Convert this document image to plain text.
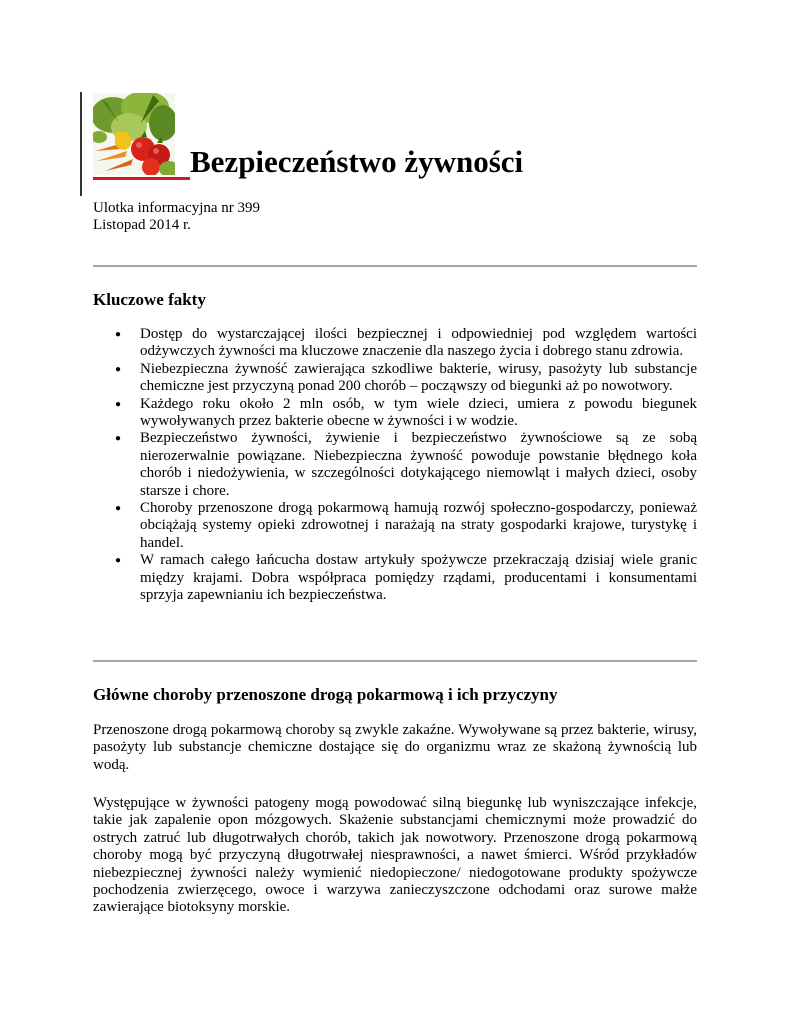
Bezpieczeństwo żywności
Ulotka informacyjna nr 399
Listopad 2014 r.
Kluczowe fakty
● Dostęp do wystarczającej ilości bezpiecznej i odpowiedniej pod względem wartości odżywczych żywności ma kluczowe znaczenie dla naszego życia i dobrego stanu zdrowia.
● Niebezpieczna żywność zawierająca szkodliwe bakterie, wirusy, pasożyty lub substancje chemiczne jest przyczyną ponad 200 chorób – począwszy od biegunki aż po nowotwory.
● Każdego roku około 2 mln osób, w tym wiele dzieci, umiera z powodu biegunek wywoływanych przez bakterie obecne w żywności i w wodzie.
● Bezpieczeństwo żywności, żywienie i bezpieczeństwo żywnościowe są ze sobą nierozerwalnie powiązane. Niebezpieczna żywność powoduje powstanie błędnego koła chorób i niedożywienia, w szczególności dotykającego niemowląt i małych dzieci, osoby starsze i chore.
● Choroby przenoszone drogą pokarmową hamują rozwój społeczno-gospodarczy, ponieważ obciążają systemy opieki zdrowotnej i narażają na straty gospodarki krajowe, turystykę i handel.
● W ramach całego łańcucha dostaw artykuły spożywcze przekraczają dzisiaj wiele granic między krajami. Dobra współpraca pomiędzy rządami, producentami i konsumentami sprzyja zapewnianiu ich bezpieczeństwa.
Główne choroby przenoszone drogą pokarmową i ich przyczyny

Przenoszone drogą pokarmową choroby są zwykle zakaźne. Wywoływane są przez bakterie, wirusy, pasożyty lub substancje chemiczne dostające się do organizmu wraz ze skażoną żywnością lub wodą.

Występujące w żywności patogeny mogą powodować silną biegunkę lub wyniszczające infekcje, takie jak zapalenie opon mózgowych. Skażenie substancjami chemicznymi może prowadzić do ostrych zatruć lub długotrwałych chorób, takich jak nowotwory. Przenoszone drogą pokarmową choroby mogą być przyczyną długotrwałej niesprawności, a nawet śmierci. Wśród przykładów niebezpiecznej żywności należy wymienić niedopieczone/ niedogotowane produkty spożywcze pochodzenia zwierzęcego, owoce i warzywa zanieczyszczone odchodami oraz surowe małże zawierające biotoksyny morskie.
